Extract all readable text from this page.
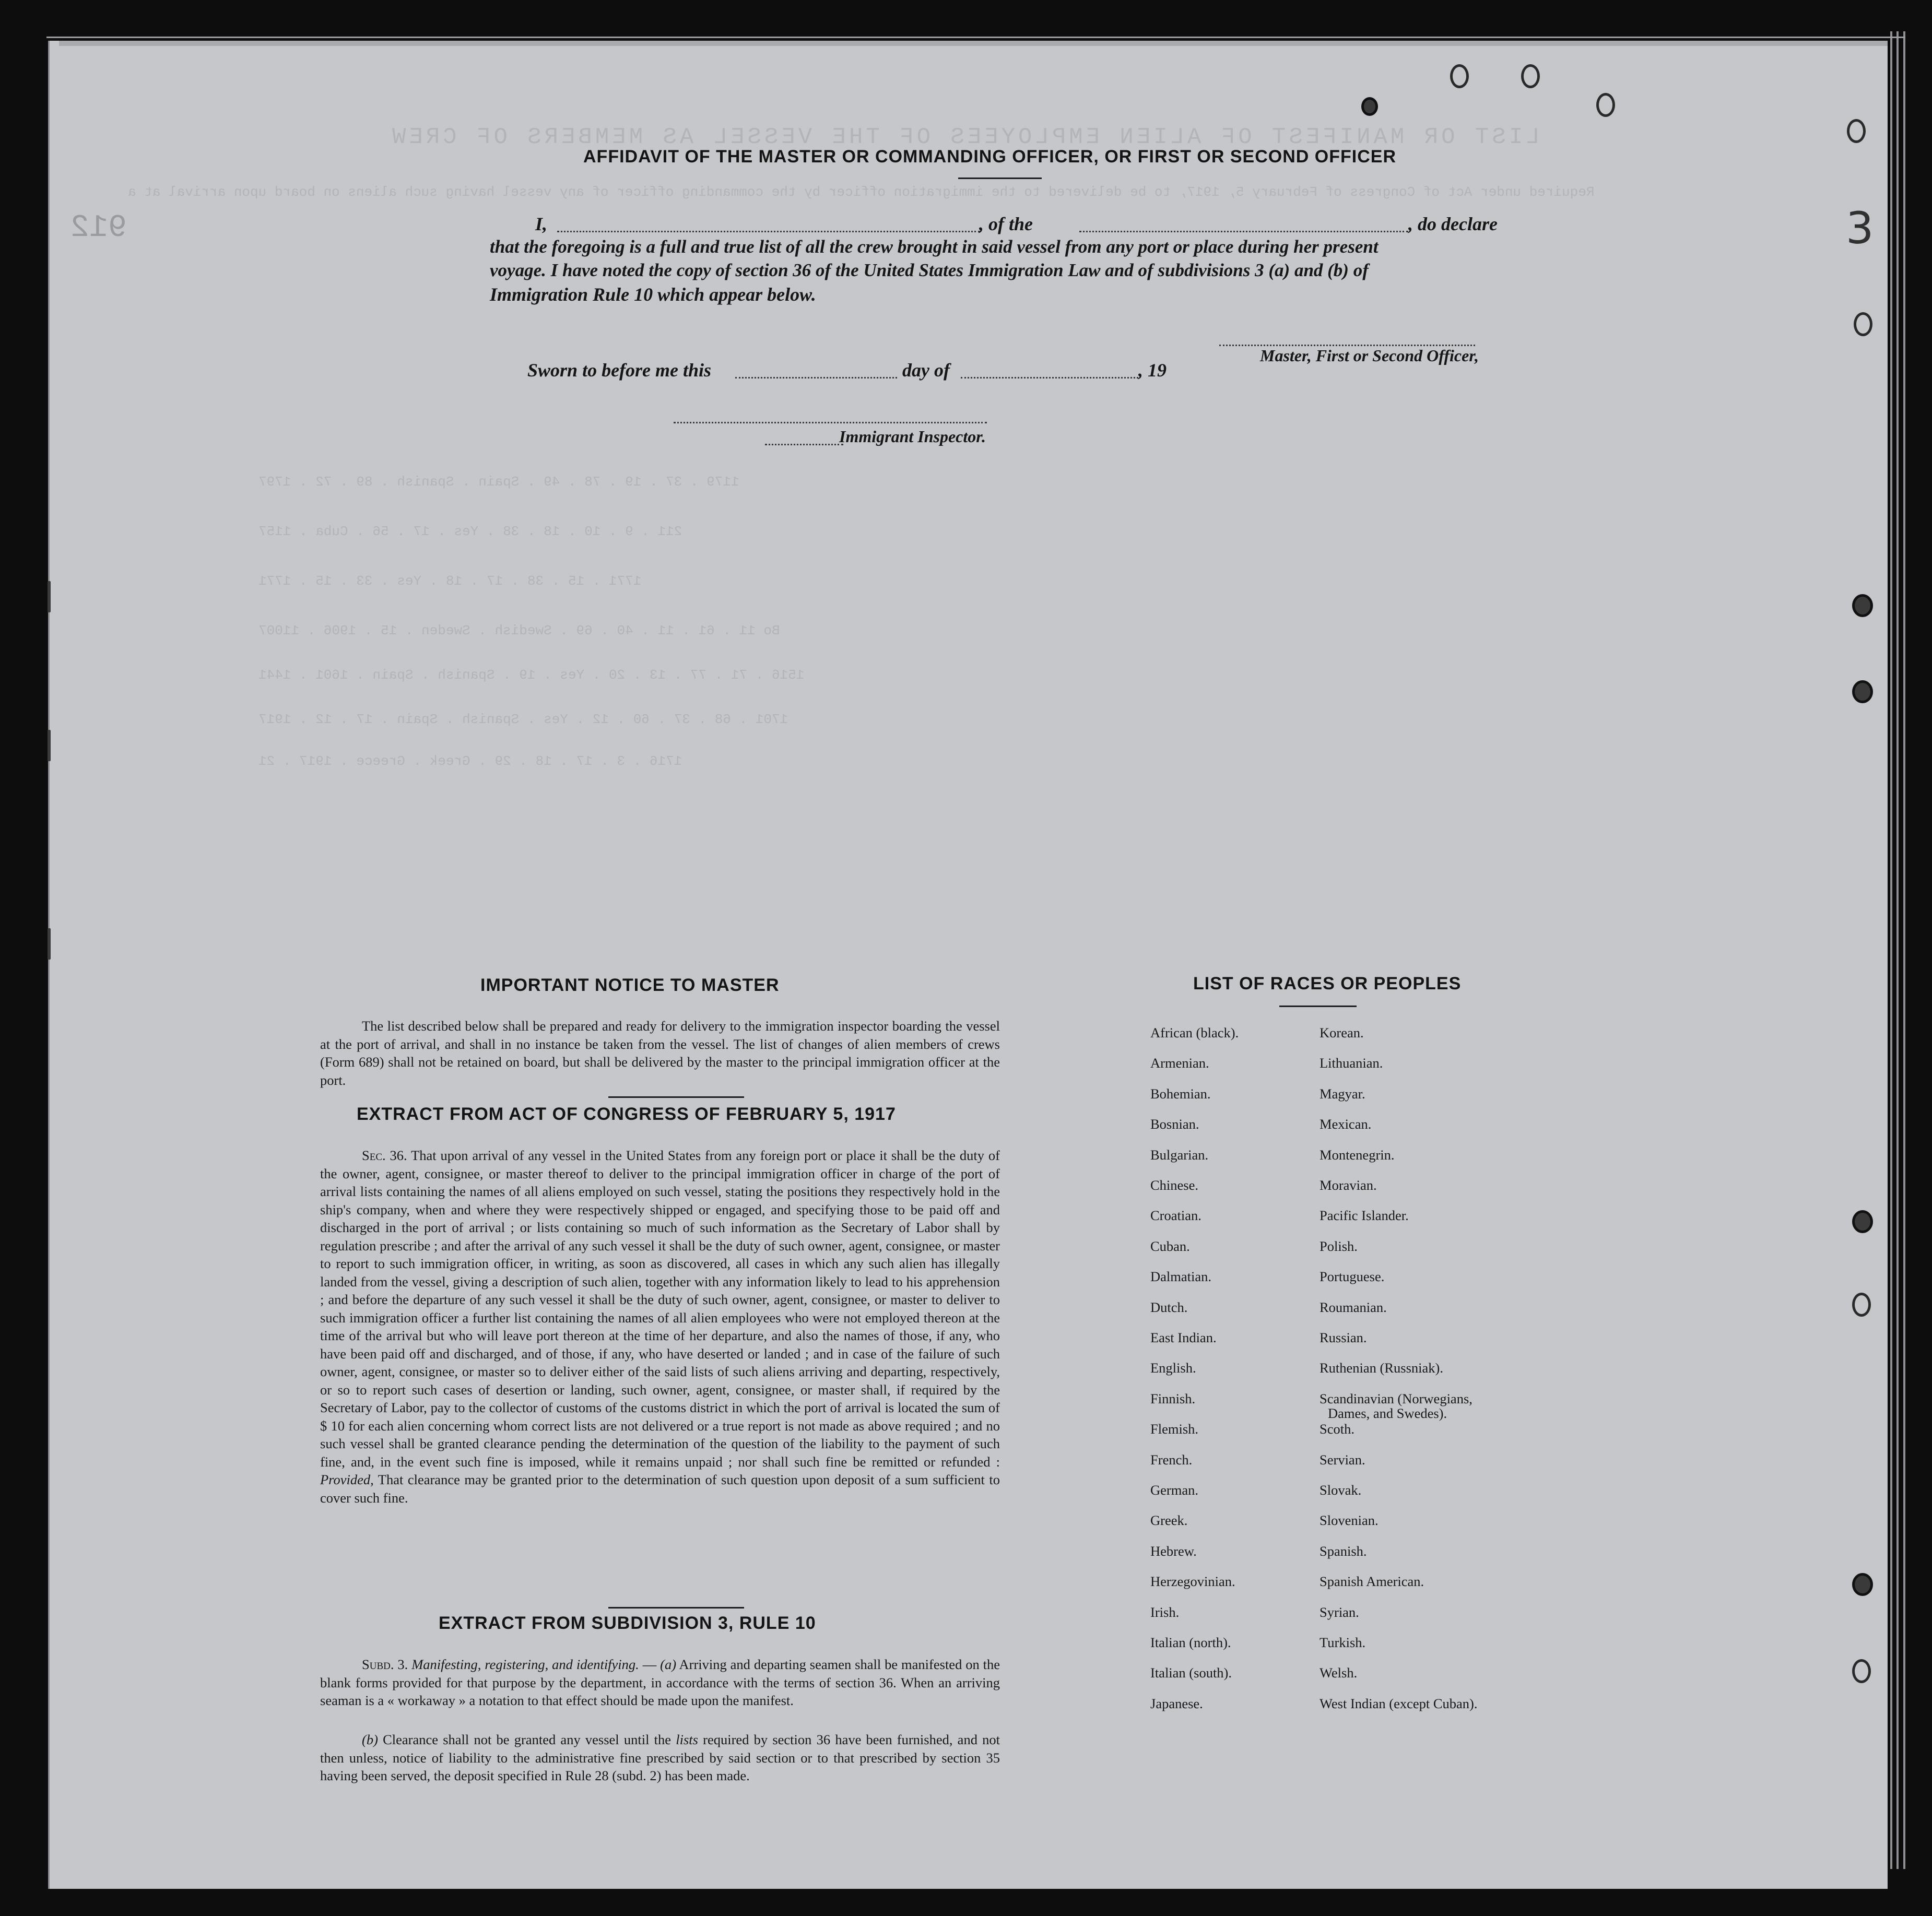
LIST OR MANIFEST OF ALIEN EMPLOYEES OF THE VESSEL AS MEMBERS OF CREW
Required under Act of Congress of February 5, 1917, to be delivered to the immigration officer by the commanding officer of any vessel having such aliens on board upon arrival at a
1179 . 37 . 19 . 78 . 49 . Spain . Spanish . 89 . 72 . 1797
211 . 9 . 10 . 18 . 38 . Yes . 17 . 56 . Cuba . 1157
1771 . 15 . 38 . 17 . 18 . Yes . 33 . 15 . 1771
Bo 11 . 61 . 11 . 40 . 69 . Swedish . Sweden . 15 . 1906 . 11007
1516 . 71 . 77 . 13 . 20 . Yes . 19 . Spanish . Spain . 1601 . 1441
1701 . 68 . 37 . 60 . 12 . Yes . Spanish . Spain . 17 . 12 . 1917
1716 . 3 . 17 . 18 . 29 . Greek . Greece . 1917 . 21
912	3
AFFIDAVIT OF THE MASTER OR COMMANDING OFFICER, OR FIRST OR SECOND OFFICER
I,	, of the	, do declare
that the foregoing is a full and true list of all the crew brought in said vessel from any port or place during her present
voyage. I have noted the copy of section 36 of the United States Immigration Law and of subdivisions 3 (a) and (b) of
Immigration Rule 10 which appear below.
Master, First or Second Officer,
Sworn to before me this	day of	, 19
Immigrant Inspector.
IMPORTANT NOTICE TO MASTER

The list described below shall be prepared and ready for delivery to the immigration inspector boarding the vessel at the port of arrival, and shall in no instance be taken from the vessel. The list of changes of alien members of crews (Form 689) shall not be retained on board, but shall be delivered by the master to the principal immigration officer at the port.

EXTRACT FROM ACT OF CONGRESS OF FEBRUARY 5, 1917

Sec. 36. That upon arrival of any vessel in the United States from any foreign port or place it shall be the duty of the owner, agent, consignee, or master thereof to deliver to the principal immigration officer in charge of the port of arrival lists containing the names of all aliens employed on such vessel, stating the positions they respectively hold in the ship's company, when and where they were respectively shipped or engaged, and specifying those to be paid off and discharged in the port of arrival ; or lists containing so much of such information as the Secretary of Labor shall by regulation prescribe ; and after the arrival of any such vessel it shall be the duty of such owner, agent, consignee, or master to report to such immigration officer, in writing, as soon as discovered, all cases in which any such alien has illegally landed from the vessel, giving a description of such alien, together with any information likely to lead to his apprehension ; and before the departure of any such vessel it shall be the duty of such owner, agent, consignee, or master to deliver to such immigration officer a further list containing the names of all alien employees who were not employed thereon at the time of the arrival but who will leave port thereon at the time of her departure, and also the names of those, if any, who have been paid off and discharged, and of those, if any, who have deserted or landed ; and in case of the failure of such owner, agent, consignee, or master so to deliver either of the said lists of such aliens arriving and departing, respectively, or so to report such cases of desertion or landing, such owner, agent, consignee, or master shall, if required by the Secretary of Labor, pay to the collector of customs of the customs district in which the port of arrival is located the sum of $ 10 for each alien concerning whom correct lists are not delivered or a true report is not made as above required ; and no such vessel shall be granted clearance pending the determination of the question of the liability to the payment of such fine, and, in the event such fine is imposed, while it remains unpaid ; nor shall such fine be remitted or refunded : Provided, That clearance may be granted prior to the determination of such question upon deposit of a sum sufficient to cover such fine.

EXTRACT FROM SUBDIVISION 3, RULE 10

Subd. 3. Manifesting, registering, and identifying. — (a) Arriving and departing seamen shall be manifested on the blank forms provided for that purpose by the department, in accordance with the terms of section 36. When an arriving seaman is a « workaway » a notation to that effect should be made upon the manifest.

(b) Clearance shall not be granted any vessel until the lists required by section 36 have been furnished, and not then unless, notice of liability to the administrative fine prescribed by said section or to that prescribed by section 35 having been served, the deposit specified in Rule 28 (subd. 2) has been made.

LIST OF RACES OR PEOPLES
African (black).
Armenian.
Bohemian.
Bosnian.
Bulgarian.
Chinese.
Croatian.
Cuban.
Dalmatian.
Dutch.
East Indian.
English.
Finnish.
Flemish.
French.
German.
Greek.
Hebrew.
Herzegovinian.
Irish.
Italian (north).
Italian (south).
Japanese.
Korean.
Lithuanian.
Magyar.
Mexican.
Montenegrin.
Moravian.
Pacific Islander.
Polish.
Portuguese.
Roumanian.
Russian.
Ruthenian (Russniak).
Scandinavian (Norwegians,
Dames, and Swedes).
Scoth.
Servian.
Slovak.
Slovenian.
Spanish.
Spanish American.
Syrian.
Turkish.
Welsh.
West Indian (except Cuban).
